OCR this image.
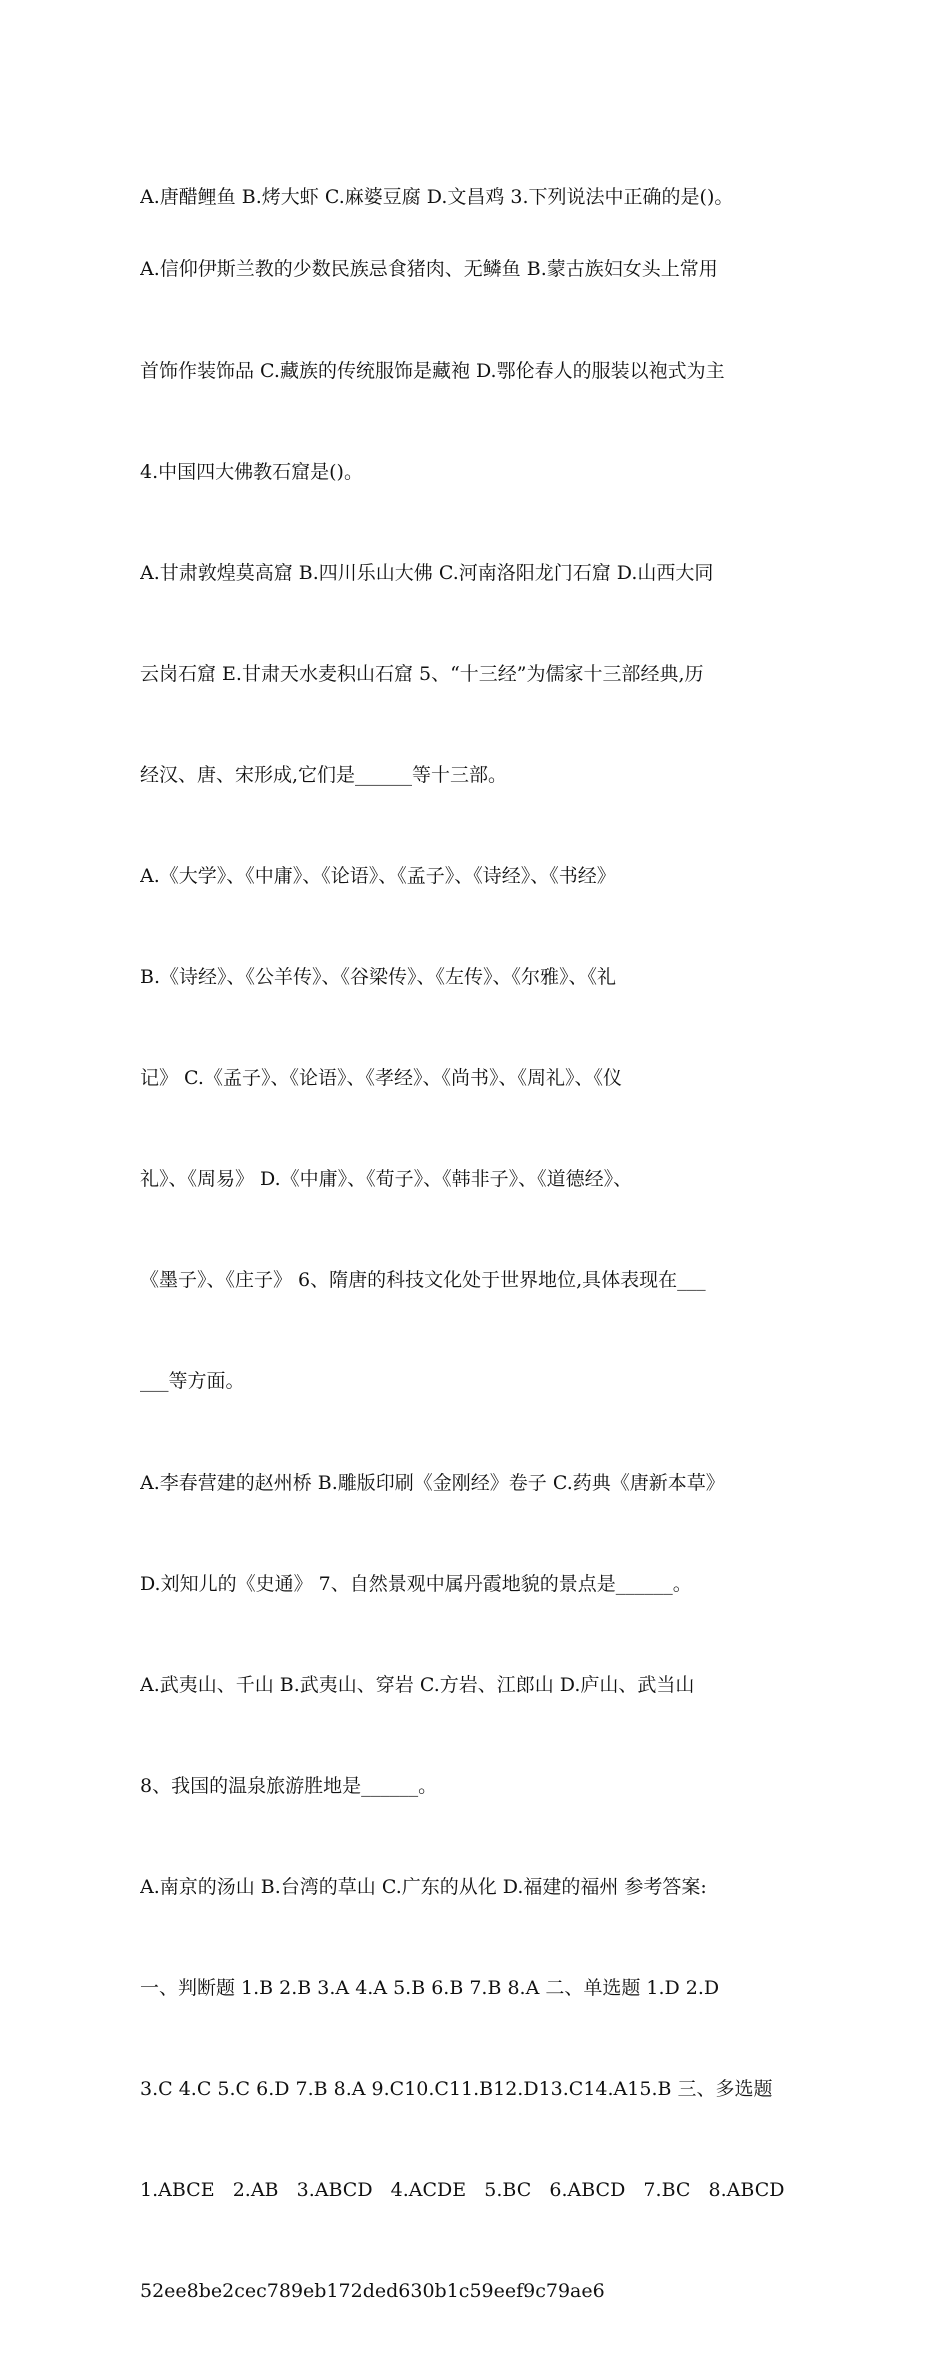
A.唐醋鲤鱼 B.烤大虾 C.麻婆豆腐 D.文昌鸡 3.下列说法中正确的是()。

A.信仰伊斯兰教的少数民族忌食猪肉、无鳞鱼 B.蒙古族妇女头上常用

首饰作装饰品 C.藏族的传统服饰是藏袍 D.鄂伦春人的服装以袍式为主

4.中国四大佛教石窟是()。

A.甘肃敦煌莫高窟 B.四川乐山大佛 C.河南洛阳龙门石窟 D.山西大同

云岗石窟 E.甘肃天水麦积山石窟 5、“十三经”为儒家十三部经典,历

经汉、唐、宋形成,它们是______等十三部。

A.《大学》、《中庸》、《论语》、《孟子》、《诗经》、《书经》

B.《诗经》、《公羊传》、《谷梁传》、《左传》、《尔雅》、《礼

记》 C.《孟子》、《论语》、《孝经》、《尚书》、《周礼》、《仪

礼》、《周易》 D.《中庸》、《荀子》、《韩非子》、《道德经》、

《墨子》、《庄子》 6、隋唐的科技文化处于世界地位,具体表现在___

___等方面。

A.李春营建的赵州桥 B.雕版印刷《金刚经》卷子 C.药典《唐新本草》

D.刘知儿的《史通》 7、自然景观中属丹霞地貌的景点是______。

A.武夷山、千山 B.武夷山、穿岩 C.方岩、江郎山 D.庐山、武当山

8、我国的温泉旅游胜地是______。

A.南京的汤山 B.台湾的草山 C.广东的从化 D.福建的福州 参考答案:

一、判断题 1.B 2.B 3.A 4.A 5.B 6.B 7.B 8.A 二、单选题 1.D 2.D

3.C 4.C 5.C 6.D 7.B 8.A 9.C10.C11.B12.D13.C14.A15.B 三、多选题

1.ABCE   2.AB   3.ABCD   4.ACDE   5.BC   6.ABCD   7.BC   8.ABCD

52ee8be2cec789eb172ded630b1c59eef9c79ae6
